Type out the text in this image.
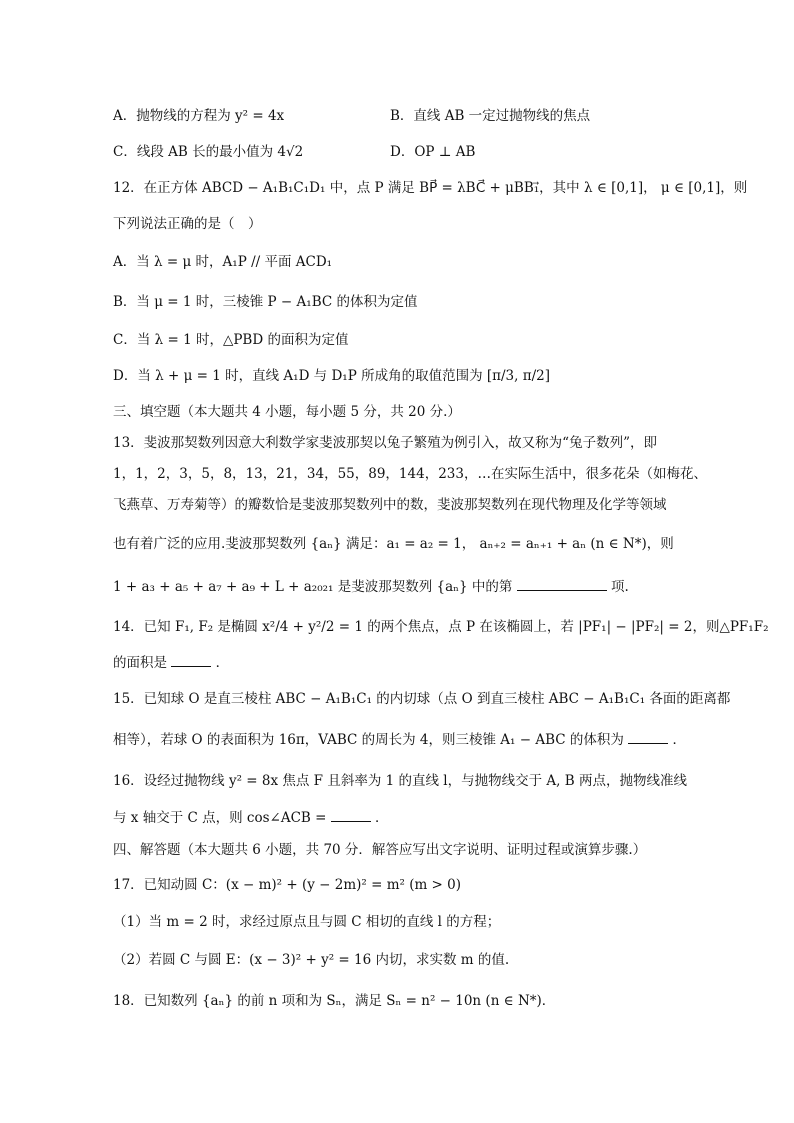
A．抛物线的方程为 y² = 4x	B．直线 AB 一定过抛物线的焦点
C．线段 AB 长的最小值为 4√2	D．OP ⊥ AB
12．在正方体 ABCD − A₁B₁C₁D₁ 中，点 P 满足 BP⃗ = λBC⃗ + μBB₁⃗，其中 λ ∈ [0,1]， μ ∈ [0,1]，则
下列说法正确的是（　）
A．当 λ = μ 时，A₁P // 平面 ACD₁
B．当 μ = 1 时，三棱锥 P − A₁BC 的体积为定值
C．当 λ = 1 时，△PBD 的面积为定值
D．当 λ + μ = 1 时，直线 A₁D 与 D₁P 所成角的取值范围为 [π/3, π/2]
三、填空题（本大题共 4 小题，每小题 5 分，共 20 分.）
13．斐波那契数列因意大利数学家斐波那契以兔子繁殖为例引入，故又称为“兔子数列”，即
1，1，2，3，5，8，13，21，34，55，89，144，233，…在实际生活中，很多花朵（如梅花、
飞燕草、万寿菊等）的瓣数恰是斐波那契数列中的数，斐波那契数列在现代物理及化学等领域
也有着广泛的应用.斐波那契数列 {aₙ} 满足：a₁ = a₂ = 1， aₙ₊₂ = aₙ₊₁ + aₙ (n ∈ N*)，则
1 + a₃ + a₅ + a₇ + a₉ + L + a₂₀₂₁ 是斐波那契数列 {aₙ} 中的第	项.
14．已知 F₁, F₂ 是椭圆 x²/4 + y²/2 = 1 的两个焦点，点 P 在该椭圆上，若 |PF₁| − |PF₂| = 2，则△PF₁F₂
的面积是	．
15．已知球 O 是直三棱柱 ABC − A₁B₁C₁ 的内切球（点 O 到直三棱柱 ABC − A₁B₁C₁ 各面的距离都
相等），若球 O 的表面积为 16π，VABC 的周长为 4，则三棱锥 A₁ − ABC 的体积为	．
16．设经过抛物线 y² = 8x 焦点 F 且斜率为 1 的直线 l，与抛物线交于 A, B 两点，抛物线准线
与 x 轴交于 C 点，则 cos∠ACB =	．
四、解答题（本大题共 6 小题，共 70 分．解答应写出文字说明、证明过程或演算步骤.）
17．已知动圆 C：(x − m)² + (y − 2m)² = m² (m > 0)
（1）当 m = 2 时，求经过原点且与圆 C 相切的直线 l 的方程；
（2）若圆 C 与圆 E：(x − 3)² + y² = 16 内切，求实数 m 的值.
18．已知数列 {aₙ} 的前 n 项和为 Sₙ，满足 Sₙ = n² − 10n (n ∈ N*)．
